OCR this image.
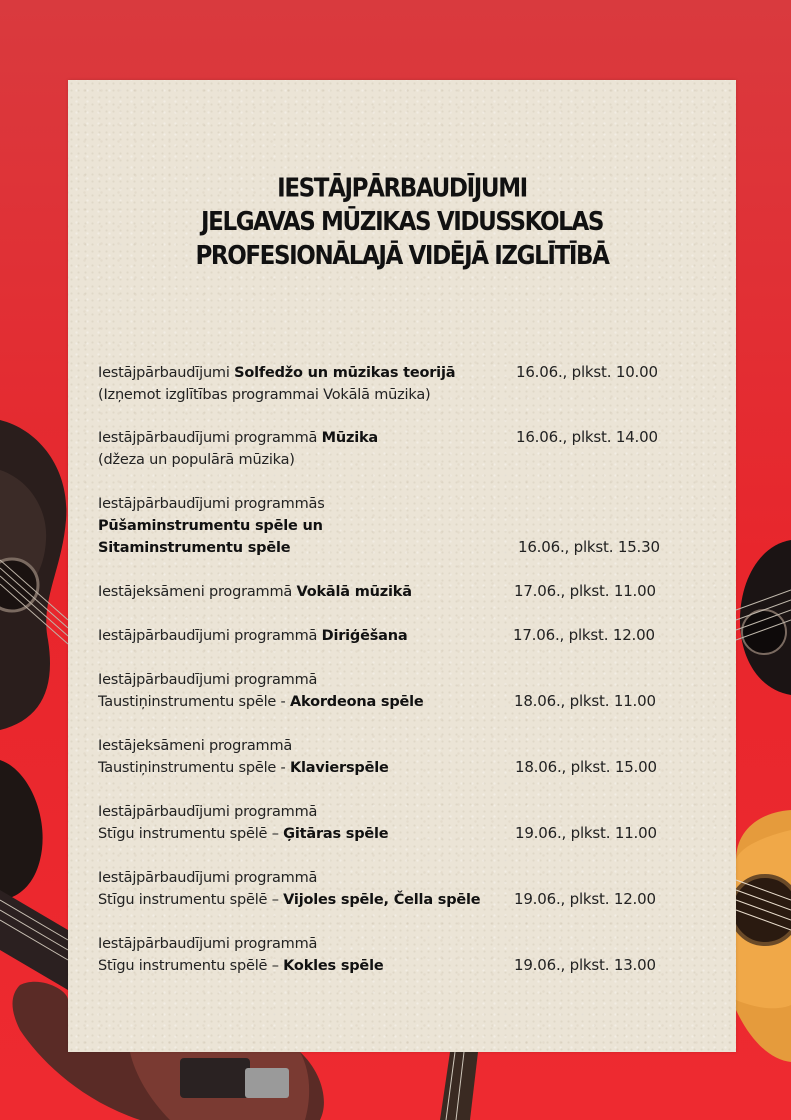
IESTĀJPĀRBAUDĪJUMI
JELGAVAS MŪZIKAS VIDUSSKOLAS
PROFESIONĀLAJĀ VIDĒJĀ IZGLĪTĪBĀ
Iestājpārbaudījumi Solfedžo un mūzikas teorijā
(Izņemot izglītības programmai Vokālā mūzika)
16.06., plkst. 10.00
Iestājpārbaudījumi programmā Mūzika
(džeza un populārā mūzika)
16.06., plkst. 14.00
Iestājpārbaudījumi programmās
Pūšaminstrumentu spēle un
Sitaminstrumentu spēle	16.06., plkst. 15.30
Iestājeksāmeni programmā Vokālā mūzikā	17.06., plkst. 11.00
Iestājpārbaudījumi programmā Diriģēšana	17.06., plkst. 12.00
Iestājpārbaudījumi programmā
Taustiņinstrumentu spēle - Akordeona spēle	18.06., plkst. 11.00
Iestājeksāmeni programmā
Taustiņinstrumentu spēle - Klavierspēle	18.06., plkst. 15.00
Iestājpārbaudījumi programmā
Stīgu instrumentu spēlē – Ģitāras spēle	19.06., plkst. 11.00
Iestājpārbaudījumi programmā
Stīgu instrumentu spēlē – Vijoles spēle, Čella spēle	19.06., plkst. 12.00
Iestājpārbaudījumi programmā
Stīgu instrumentu spēlē – Kokles spēle	19.06., plkst. 13.00
